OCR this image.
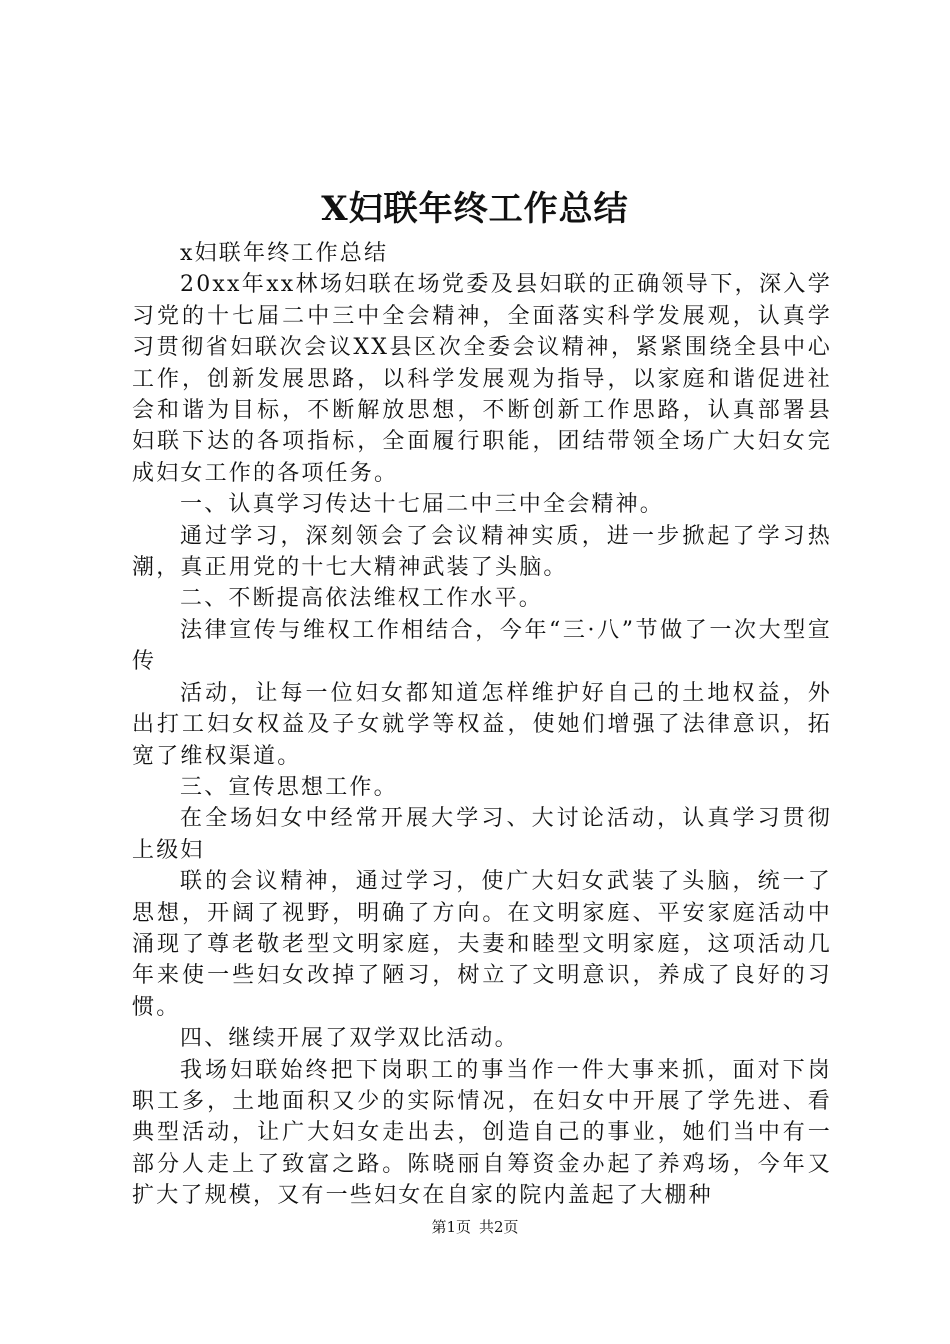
X妇联年终工作总结

x妇联年终工作总结

20xx年xx林场妇联在场党委及县妇联的正确领导下，深入学习党的十七届二中三中全会精神，全面落实科学发展观，认真学习贯彻省妇联次会议XX县区次全委会议精神，紧紧围绕全县中心工作，创新发展思路，以科学发展观为指导，以家庭和谐促进社会和谐为目标，不断解放思想，不断创新工作思路，认真部署县妇联下达的各项指标，全面履行职能，团结带领全场广大妇女完成妇女工作的各项任务。

一、认真学习传达十七届二中三中全会精神。

通过学习，深刻领会了会议精神实质，进一步掀起了学习热潮，真正用党的十七大精神武装了头脑。

二、不断提高依法维权工作水平。

法律宣传与维权工作相结合，今年“三·八”节做了一次大型宣传

活动，让每一位妇女都知道怎样维护好自己的土地权益，外出打工妇女权益及子女就学等权益，使她们增强了法律意识，拓宽了维权渠道。

三、宣传思想工作。

在全场妇女中经常开展大学习、大讨论活动，认真学习贯彻上级妇

联的会议精神，通过学习，使广大妇女武装了头脑，统一了思想，开阔了视野，明确了方向。在文明家庭、平安家庭活动中涌现了尊老敬老型文明家庭，夫妻和睦型文明家庭，这项活动几年来使一些妇女改掉了陋习，树立了文明意识，养成了良好的习惯。

四、继续开展了双学双比活动。

我场妇联始终把下岗职工的事当作一件大事来抓，面对下岗职工多，土地面积又少的实际情况，在妇女中开展了学先进、看典型活动，让广大妇女走出去，创造自己的事业，她们当中有一部分人走上了致富之路。陈晓丽自筹资金办起了养鸡场，今年又扩大了规模，又有一些妇女在自家的院内盖起了大棚种

第1页 共2页
